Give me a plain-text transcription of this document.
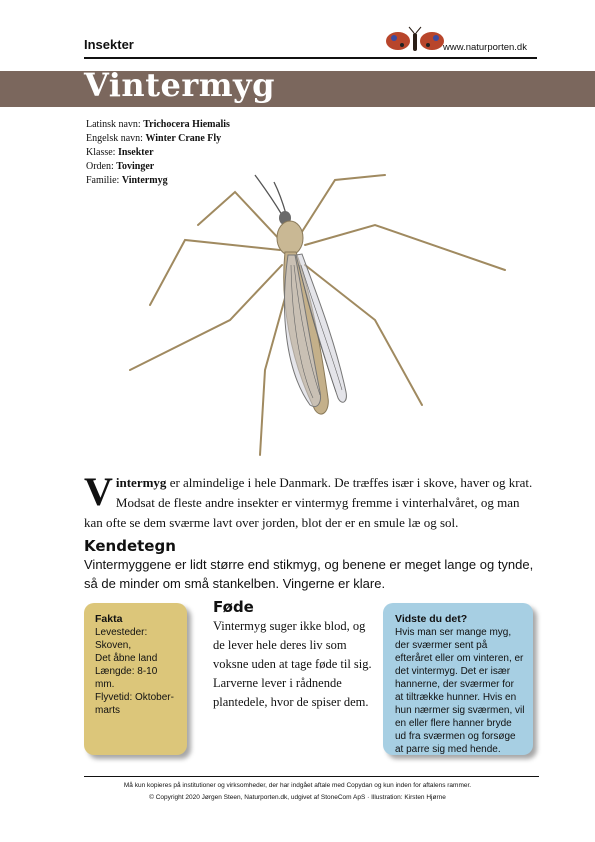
Insekter	www.naturporten.dk
Vintermyg
Latinsk navn: Trichocera Hiemalis
Engelsk navn: Winter Crane Fly
Klasse: Insekter
Orden: Tovinger
Familie: Vintermyg
Vintermyg er almindelige i hele Danmark. De træffes især i skove, haver og krat. Modsat de fleste andre insekter er vintermyg fremme i vinterhalvåret, og man kan ofte se dem sværme lavt over jorden, blot der er en smule læ og sol.
Kendetegn
Vintermyggene er lidt større end stikmyg, og benene er meget lange og tynde, så de minder om små stankelben. Vingerne er klare.
Fakta
Levesteder: Skoven,
Det åbne land
Længde: 8-10 mm.
Flyvetid: Oktober-
marts
Føde
Vintermyg suger ikke blod, og de lever hele deres liv som voksne uden at tage føde til sig. Larverne lever i rådnende plantedele, hvor de spiser dem.
Vidste du det?
Hvis man ser mange myg, der sværmer sent på efteråret eller om vinteren, er det vintermyg. Det er især hannerne, der sværmer for at tiltrække hunner. Hvis en hun nærmer sig sværmen, vil en eller flere hanner bryde ud fra sværmen og forsøge at parre sig med hende.
Må kun kopieres på institutioner og virksomheder, der har indgået aftale med Copydan og kun inden for aftalens rammer.
© Copyright 2020 Jørgen Steen, Naturporten.dk, udgivet af StoneCom ApS · Illustration: Kirsten Hjørne
